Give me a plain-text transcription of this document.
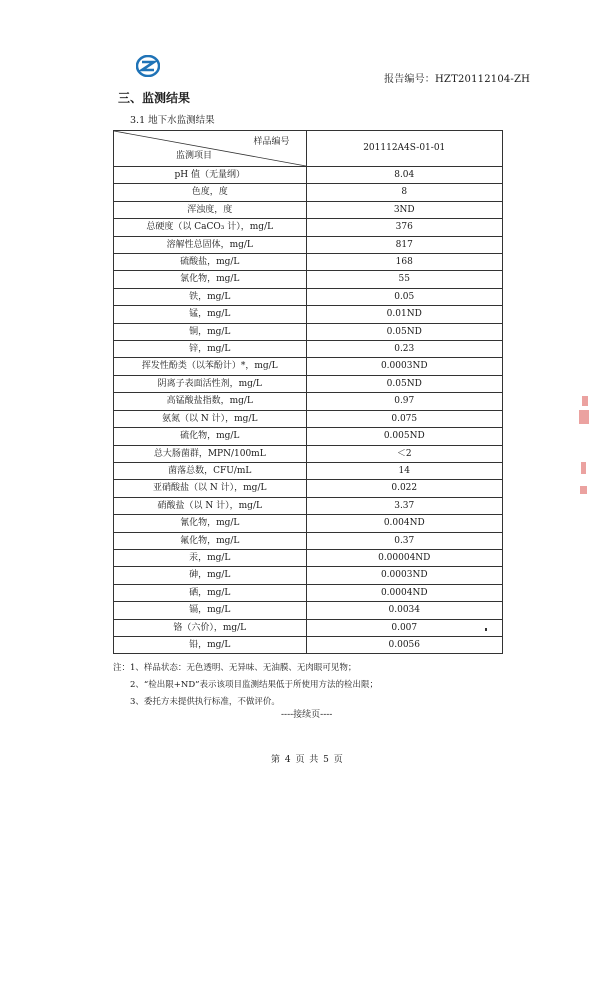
报告编号：HZT20112104-ZH
三、监测结果
3.1 地下水监测结果
样品编号
监测项目	201112A4S-01-01
pH 值（无量纲）	8.04
色度，度	8
浑浊度，度	3ND
总硬度（以 CaCO₃ 计），mg/L	376
溶解性总固体，mg/L	817
硫酸盐，mg/L	168
氯化物，mg/L	55
铁，mg/L	0.05
锰，mg/L	0.01ND
铜，mg/L	0.05ND
锌，mg/L	0.23
挥发性酚类（以苯酚计）*，mg/L	0.0003ND
阴离子表面活性剂，mg/L	0.05ND
高锰酸盐指数，mg/L	0.97
氨氮（以 N 计），mg/L	0.075
硫化物，mg/L	0.005ND
总大肠菌群，MPN/100mL	＜2
菌落总数，CFU/mL	14
亚硝酸盐（以 N 计），mg/L	0.022
硝酸盐（以 N 计），mg/L	3.37
氰化物，mg/L	0.004ND
氟化物，mg/L	0.37
汞，mg/L	0.00004ND
砷，mg/L	0.0003ND
硒，mg/L	0.0004ND
镉，mg/L	0.0034
铬（六价），mg/L	0.007
铅，mg/L	0.0056
注：1、样品状态：无色透明、无异味、无油膜、无肉眼可见物；
2、“检出限+ND”表示该项目监测结果低于所使用方法的检出限；
3、委托方未提供执行标准，不做评价。
----接续页----
第 4 页 共 5 页
